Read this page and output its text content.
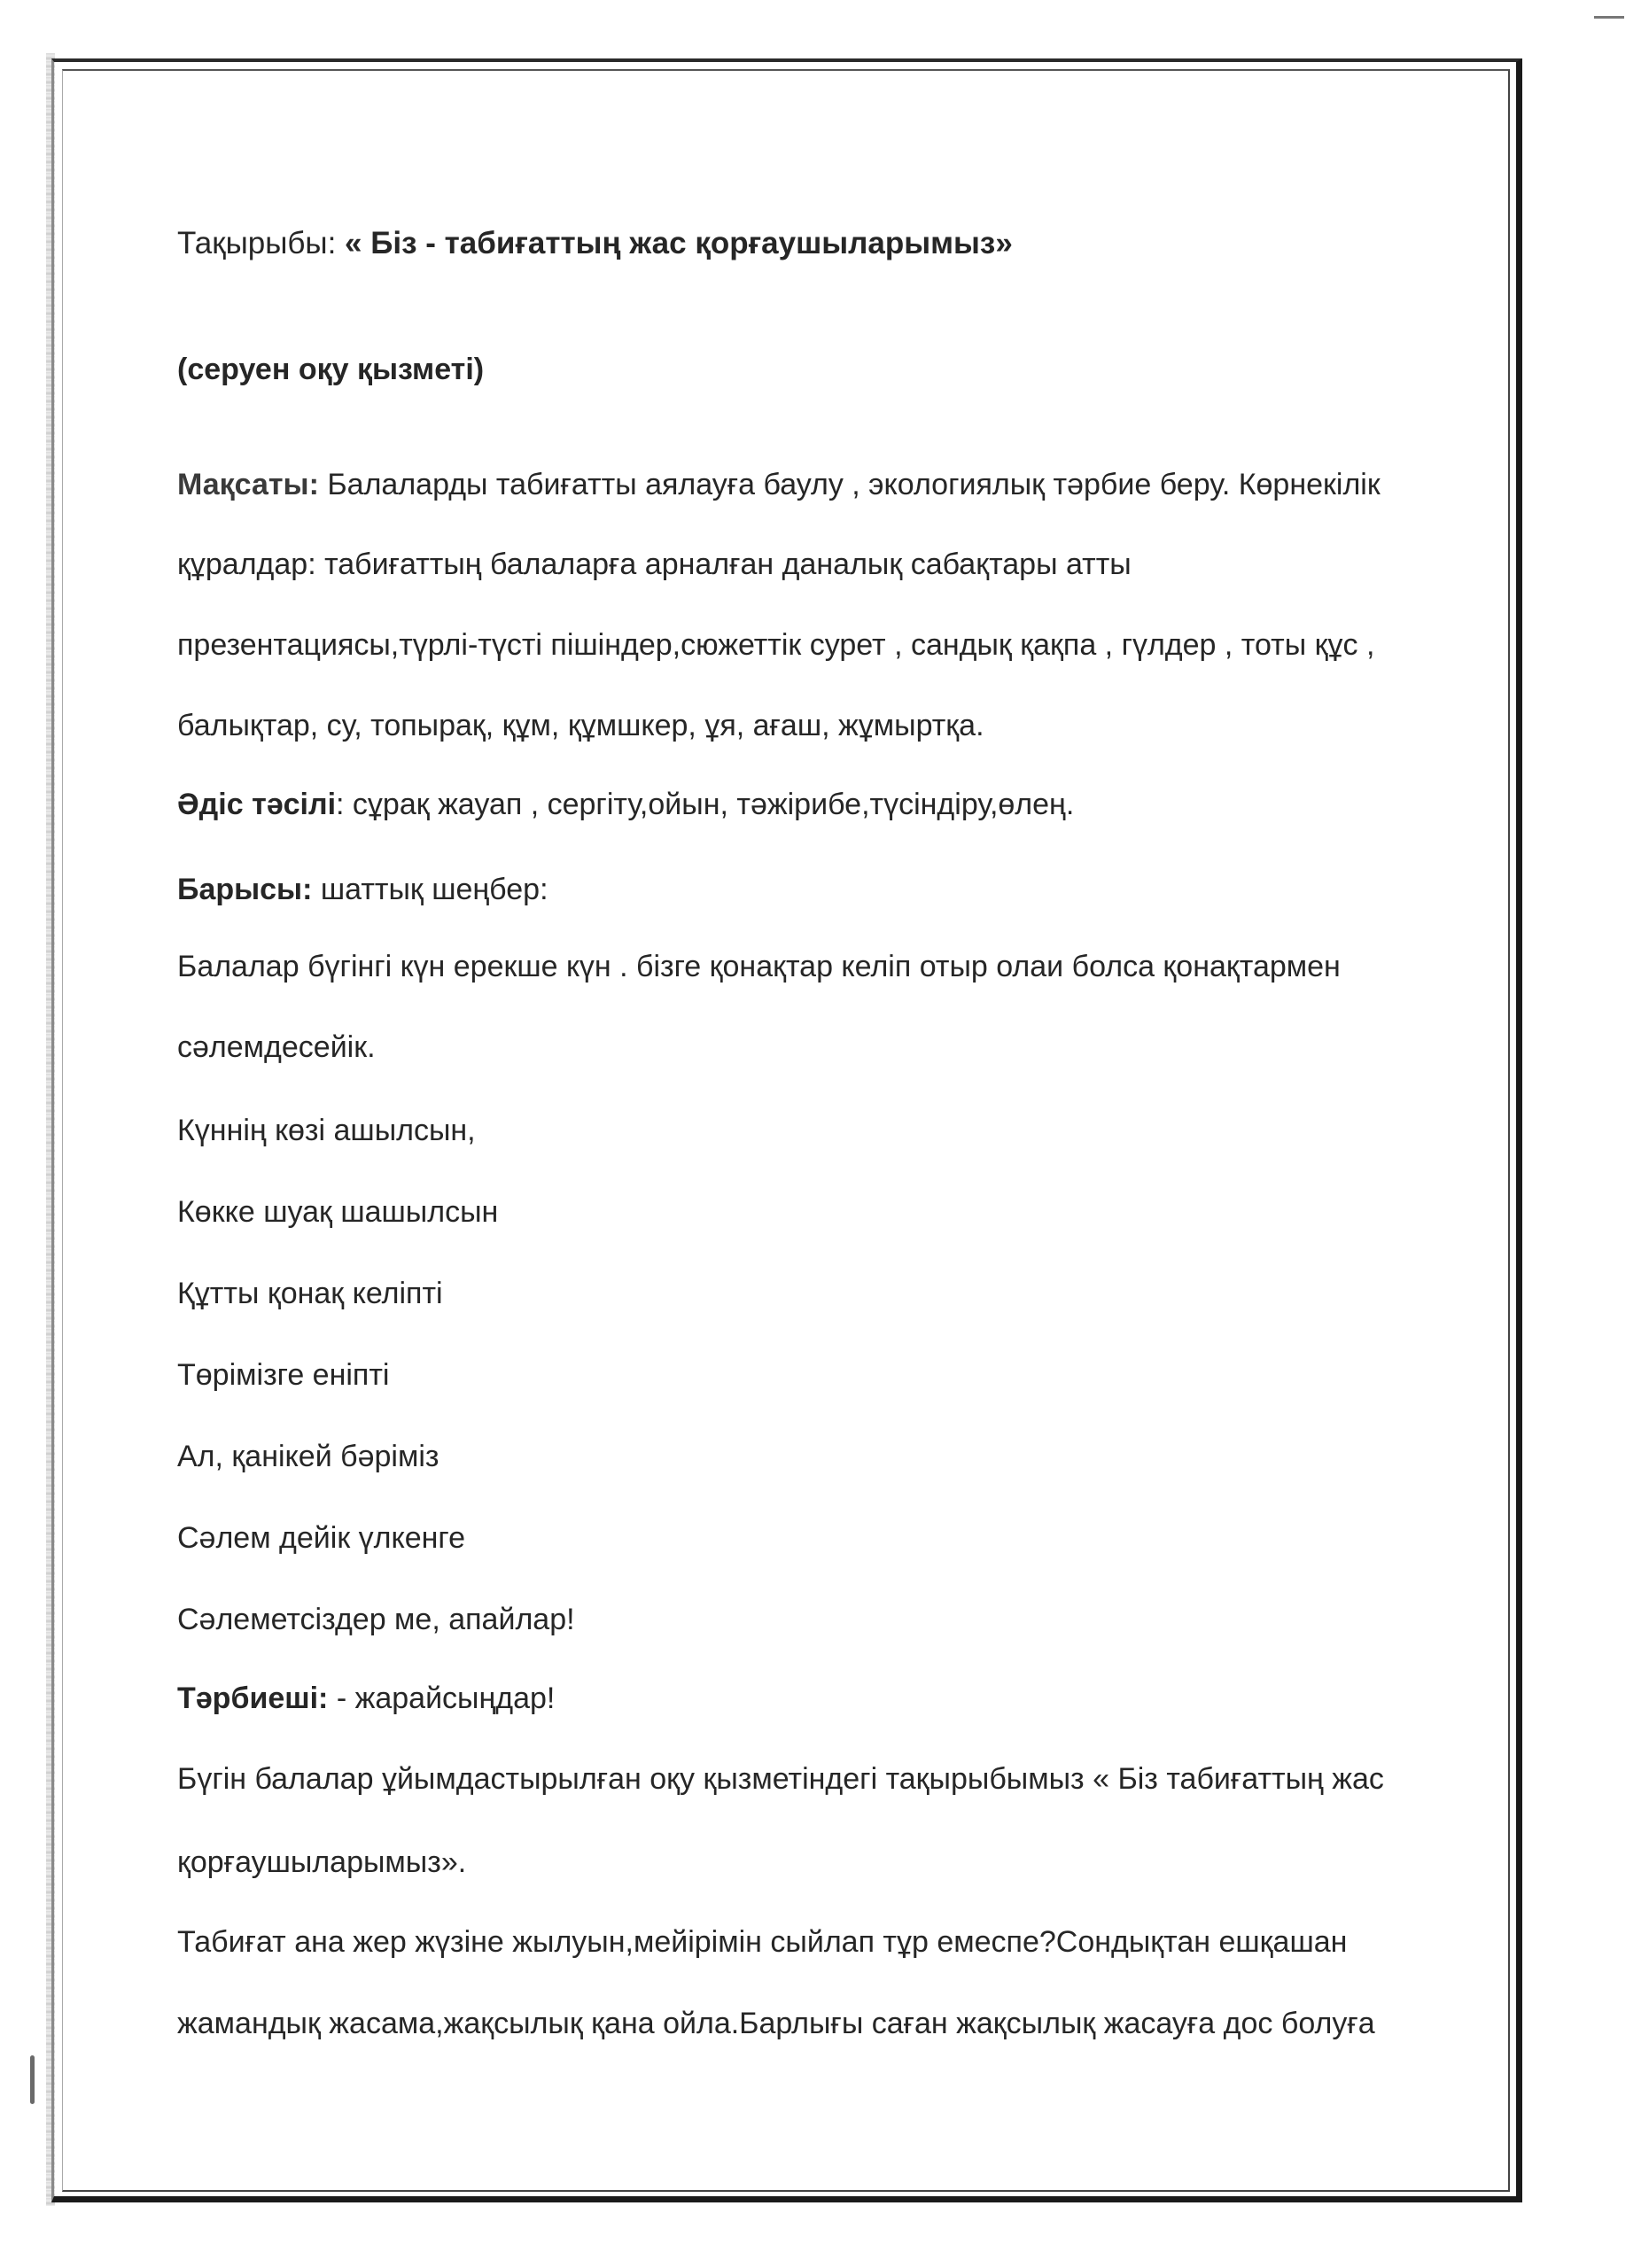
Тақырыбы: « Біз - табиғаттың жас қорғаушыларымыз»
(серуен оқу қызметі)
Мақсаты: Балаларды табиғатты аялауға баулу , экологиялық тәрбие беру. Көрнекілік
құралдар: табиғаттың балаларға арналған даналық сабақтары атты
презентациясы,түрлі-түсті пішіндер,сюжеттік сурет , сандық қақпа , гүлдер , тоты құс ,
балықтар, су, топырақ, құм, құмшкер, ұя, ағаш, жұмыртқа.
Әдіс тәсілі: сұрақ жауап , сергіту,ойын, тәжірибе,түсіндіру,өлең.
Барысы: шаттық шеңбер:
Балалар бүгінгі күн ерекше күн . бізге қонақтар келіп отыр олаи болса қонақтармен
сәлемдесейік.
Күннің көзі ашылсын,
Көкке шуақ шашылсын
Құтты қонақ келіпті
Төрімізге еніпті
Ал, қанікей бәріміз
Сәлем дейік үлкенге
Сәлеметсіздер ме, апайлар!
Тәрбиеші: - жарайсыңдар!
Бүгін балалар ұйымдастырылған оқу қызметіндегі тақырыбымыз « Біз табиғаттың жас
қорғаушыларымыз».
Табиғат ана жер жүзіне жылуын,мейірімін сыйлап тұр емеспе?Сондықтан ешқашан
жамандық жасама,жақсылық қана ойла.Барлығы саған жақсылық жасауға дос болуға
